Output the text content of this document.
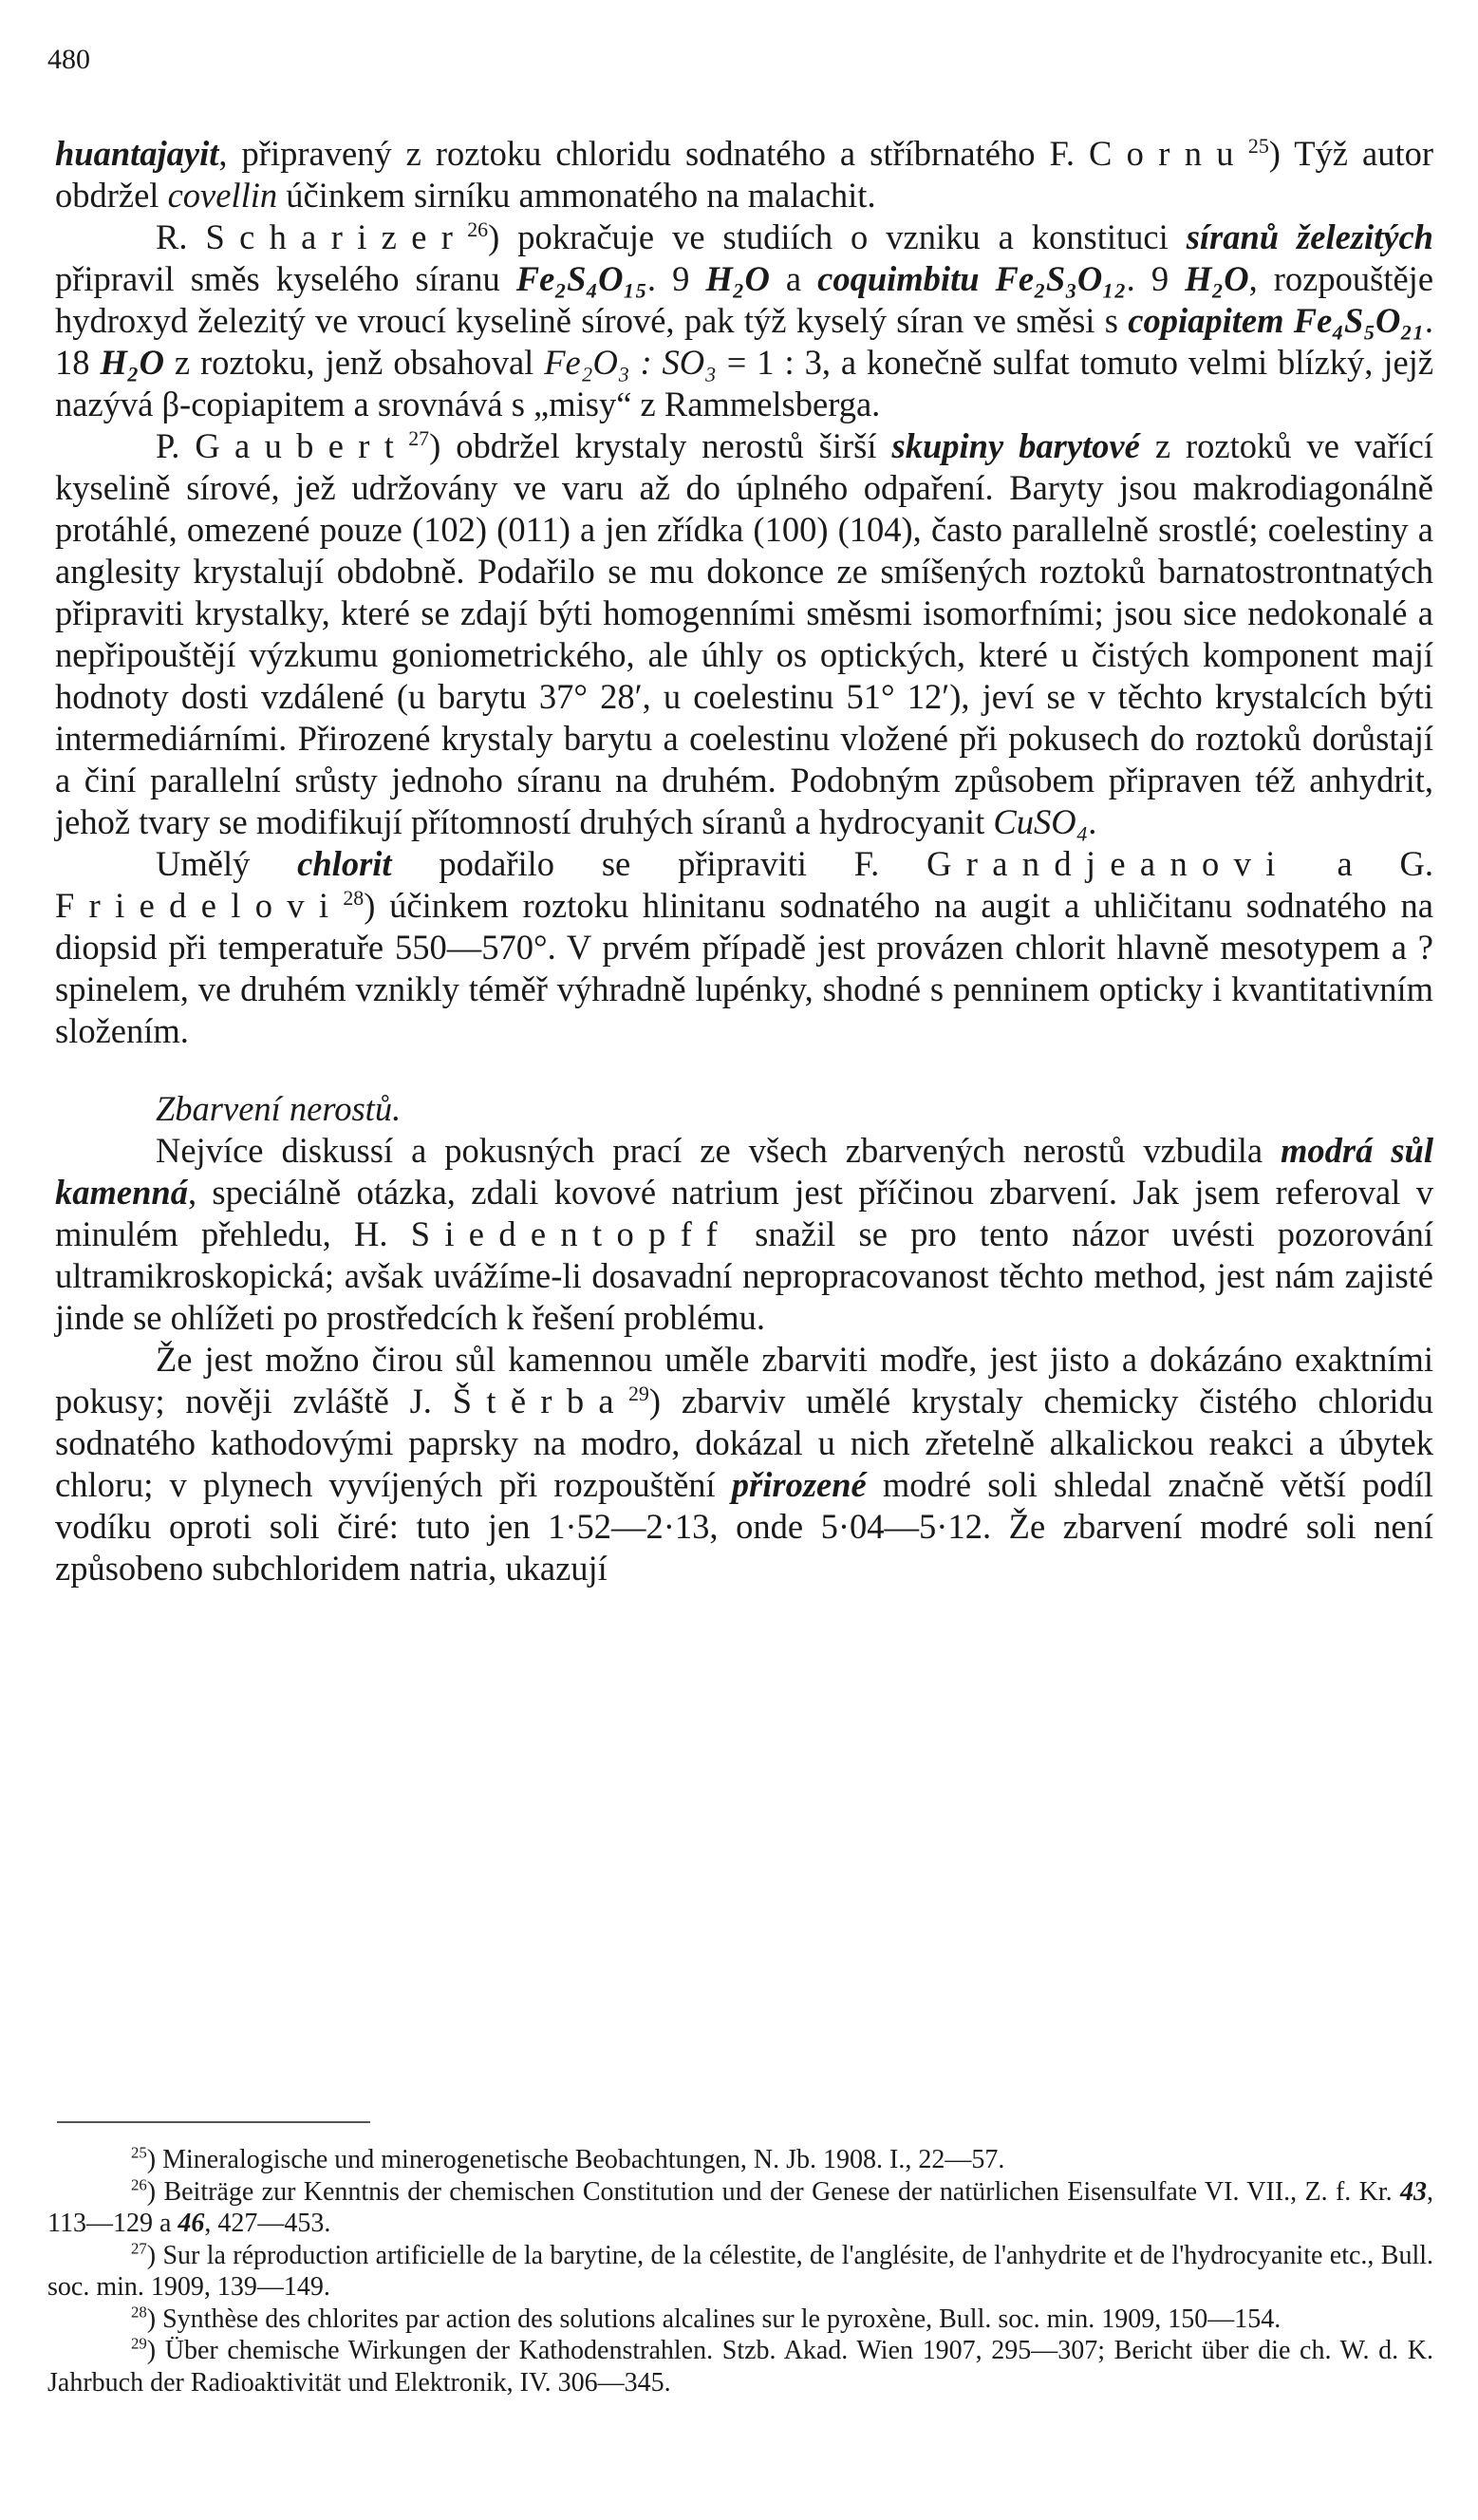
480

huantajayit, připravený z roztoku chloridu sodnatého a stříbrnatého F. Cornu$^{25}$) Týž autor obdržel covellin účinkem sirníku ammonatého na malachit.

R. Scharizer$^{26}$) pokračuje ve studiích o vzniku a konstituci síranů železitých připravil směs kyselého síranu Fe₂S₄O₁₅. 9 H₂O a coquimbitu Fe₂S₃O₁₂. 9 H₂O, rozpouštěje hydroxyd železitý ve vroucí kyselině sírové, pak týž kyselý síran ve směsi s copiapitem Fe₄S₅O₂₁. 18 H₂O z roztoku, jenž obsahoval Fe₂O₃ : SO₃ = 1 : 3, a konečně sulfat tomuto velmi blízký, jejž nazývá β-copiapitem a srovnává s „misy“ z Rammelsberga.

P. Gaubert$^{27}$) obdržel krystaly nerostů širší skupiny barytové z roztoků ve vařící kyselině sírové, jež udržovány ve varu až do úplného odpaření. Baryty jsou makrodiagonálně protáhlé, omezené pouze (102) (011) a jen zřídka (100) (104), často parallelně srostlé; coelestiny a anglesity krystalují obdobně. Podařilo se mu dokonce ze smíšených roztoků barnatostrontnatých připraviti krystalky, které se zdají býti homogenními směsmi isomorfními; jsou sice nedokonalé a nepřipouštějí výzkumu goniometrického, ale úhly os optických, které u čistých komponent mají hodnoty dosti vzdálené (u barytu 37° 28′, u coelestinu 51° 12′), jeví se v těchto krystalcích býti intermediárními. Přirozené krystaly barytu a coelestinu vložené při pokusech do roztoků dorůstají a činí parallelní srůsty jednoho síranu na druhém. Podobným způsobem připraven též anhydrit, jehož tvary se modifikují přítomností druhých síranů a hydrocyanit CuSO₄.

Umělý chlorit podařilo se připraviti F. Grandjeanovi a G. Friedelovi$^{28}$) účinkem roztoku hlinitanu sodnatého na augit a uhličitanu sodnatého na diopsid při temperatuře 550—570°. V prvém případě jest provázen chlorit hlavně mesotypem a ? spinelem, ve druhém vznikly téměř výhradně lupénky, shodné s penninem opticky i kvantitativním složením.

Zbarvení nerostů.

Nejvíce diskussí a pokusných prací ze všech zbarvených nerostů vzbudila modrá sůl kamenná, speciálně otázka, zdali kovové natrium jest příčinou zbarvení. Jak jsem referoval v minulém přehledu, H. Siedentopff snažil se pro tento názor uvésti pozorování ultramikroskopická; avšak uvážíme-li dosavadní nepropracovanost těchto method, jest nám zajisté jinde se ohlížeti po prostředcích k řešení problému.

Že jest možno čirou sůl kamennou uměle zbarviti modře, jest jisto a dokázáno exaktními pokusy; nověji zvláště J. Štěrba$^{29}$) zbarviv umělé krystaly chemicky čistého chloridu sodnatého kathodovými paprsky na modro, dokázal u nich zřetelně alkalickou reakci a úbytek chloru; v plynech vyvíjených při rozpouštění přirozené modré soli shledal značně větší podíl vodíku oproti soli čiré: tuto jen 1·52—2·13, onde 5·04—5·12. Že zbarvení modré soli není způsobeno subchloridem natria, ukazují

$^{25}$) Mineralogische und minerogenetische Beobachtungen, N. Jb. 1908. I., 22—57.

$^{26}$) Beiträge zur Kenntnis der chemischen Constitution und der Genese der natürlichen Eisensulfate VI. VII., Z. f. Kr. 43, 113—129 a 46, 427—453.

$^{27}$) Sur la réproduction artificielle de la barytine, de la célestite, de l'anglésite, de l'anhydrite et de l'hydrocyanite etc., Bull. soc. min. 1909, 139—149.

$^{28}$) Synthèse des chlorites par action des solutions alcalines sur le pyroxène, Bull. soc. min. 1909, 150—154.

$^{29}$) Über chemische Wirkungen der Kathodenstrahlen. Stzb. Akad. Wien 1907, 295—307; Bericht über die ch. W. d. K. Jahrbuch der Radioaktivität und Elektronik, IV. 306—345.
